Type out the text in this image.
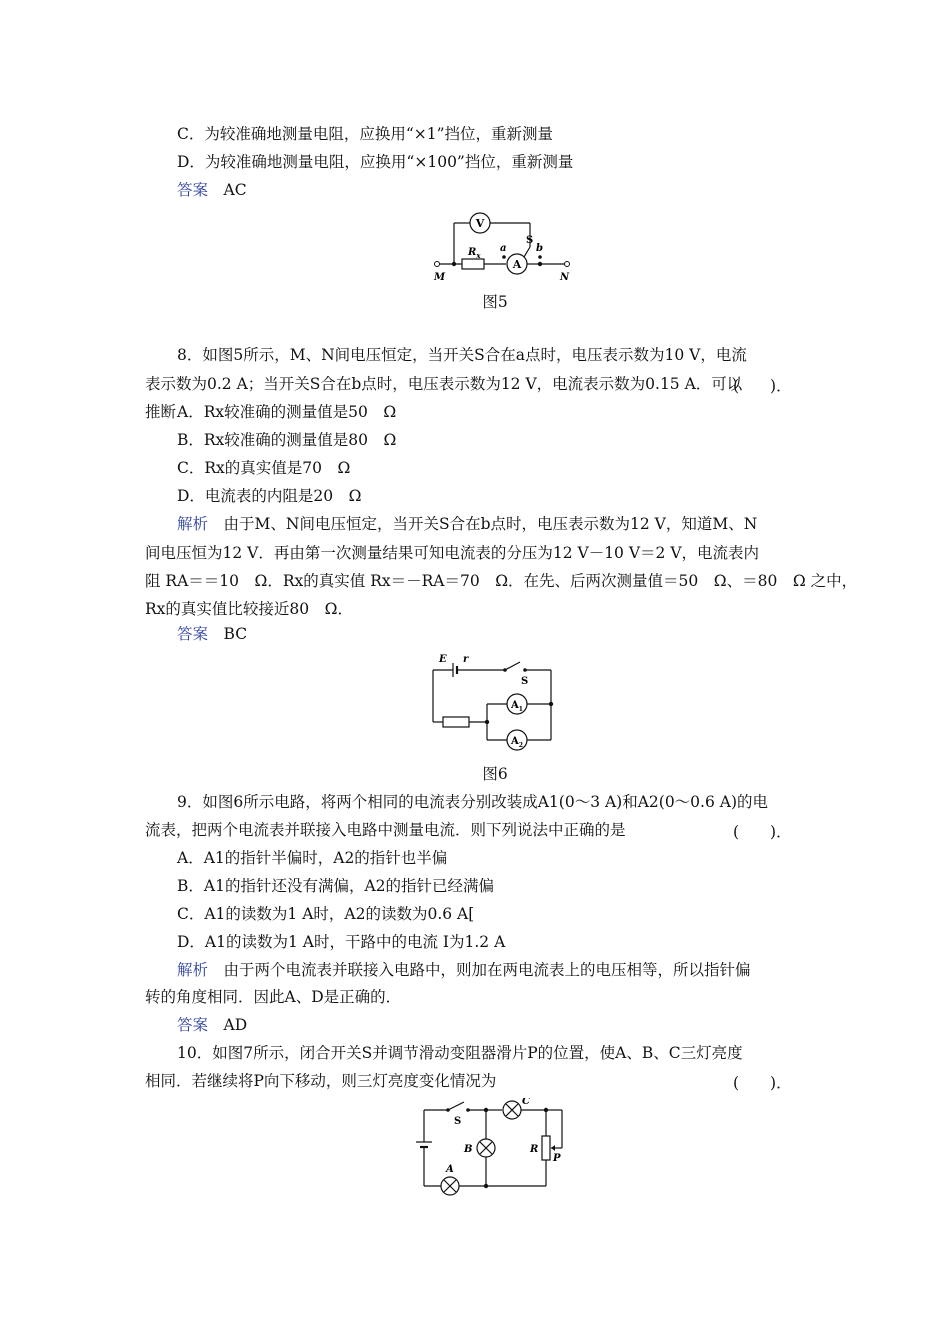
C．为较准确地测量电阻，应换用“×1”挡位，重新测量
D．为较准确地测量电阻，应换用“×100”挡位，重新测量
答案　 AC
V
A
$R_x$
S
a	b
M	N
图5
8．如图5所示，M、N间电压恒定，当开关S合在a点时，电压表示数为10 V，电流
表示数为0.2 A；当开关S合在b点时，电压表示数为12 V，电流表示数为0.15 A．可以
推断
(　　)．
A．Rx较准确的测量值是50　Ω
B．Rx较准确的测量值是80　Ω
C．Rx的真实值是70　Ω
D．电流表的内阻是20　Ω
解析　 由于M、N间电压恒定，当开关S合在b点时，电压表示数为12 V，知道M、N
间电压恒为12 V．再由第一次测量结果可知电流表的分压为12 V－10 V＝2 V，电流表内
阻 RA＝＝10　Ω．Rx的真实值 Rx＝－RA＝70　Ω．在先、后两次测量值＝50　Ω、＝80　Ω 之中，
Rx的真实值比较接近80　Ω．
答案　 BC
E r
S
$A_1$
$A_2$
图6
9．如图6所示电路，将两个相同的电流表分别改装成A1(0～3 A)和A2(0～0.6 A)的电
流表，把两个电流表并联接入电路中测量电流．则下列说法中正确的是	(　　)．
A．A1的指针半偏时，A2的指针也半偏
B．A1的指针还没有满偏，A2的指针已经满偏
C．A1的读数为1 A时，A2的读数为0.6 A[
D．A1的读数为1 A时，干路中的电流 I为1.2 A
解析　 由于两个电流表并联接入电路中，则加在两电流表上的电压相等，所以指针偏
转的角度相同．因此A、D是正确的．
答案　 AD
10．如图7所示，闭合开关S并调节滑动变阻器滑片P的位置，使A、B、C三灯亮度
相同．若继续将P向下移动，则三灯亮度变化情况为	(　　)．
S
C
B
A
R
P
